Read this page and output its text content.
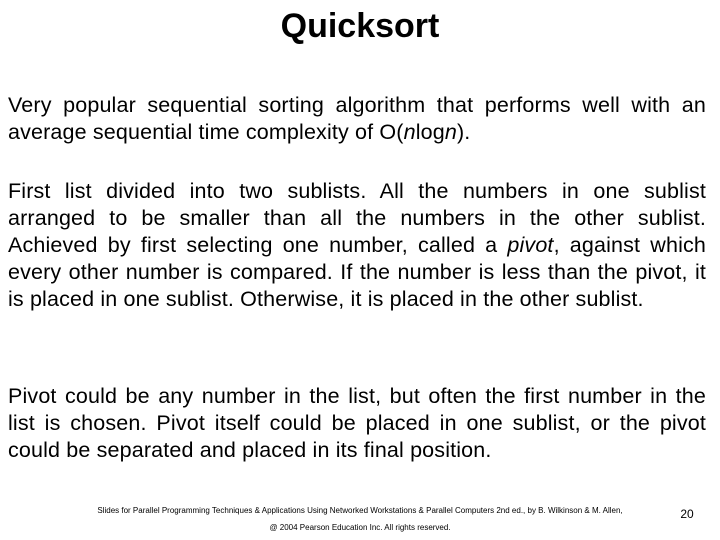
Quicksort
Very popular sequential sorting algorithm that performs well with an average sequential time complexity of O(nlogn).
First list divided into two sublists. All the numbers in one sublist arranged to be smaller than all the numbers in the other sublist. Achieved by first selecting one number, called a pivot, against which every other number is compared. If the number is less than the pivot, it is placed in one sublist. Otherwise, it is placed in the other sublist.
Pivot could be any number in the list, but often the first number in the list is chosen. Pivot itself could be placed in one sublist, or the pivot could be separated and placed in its final position.
Slides for Parallel Programming Techniques & Applications Using Networked Workstations & Parallel Computers 2nd ed., by B. Wilkinson & M. Allen,
@ 2004 Pearson Education Inc. All rights reserved.
20
